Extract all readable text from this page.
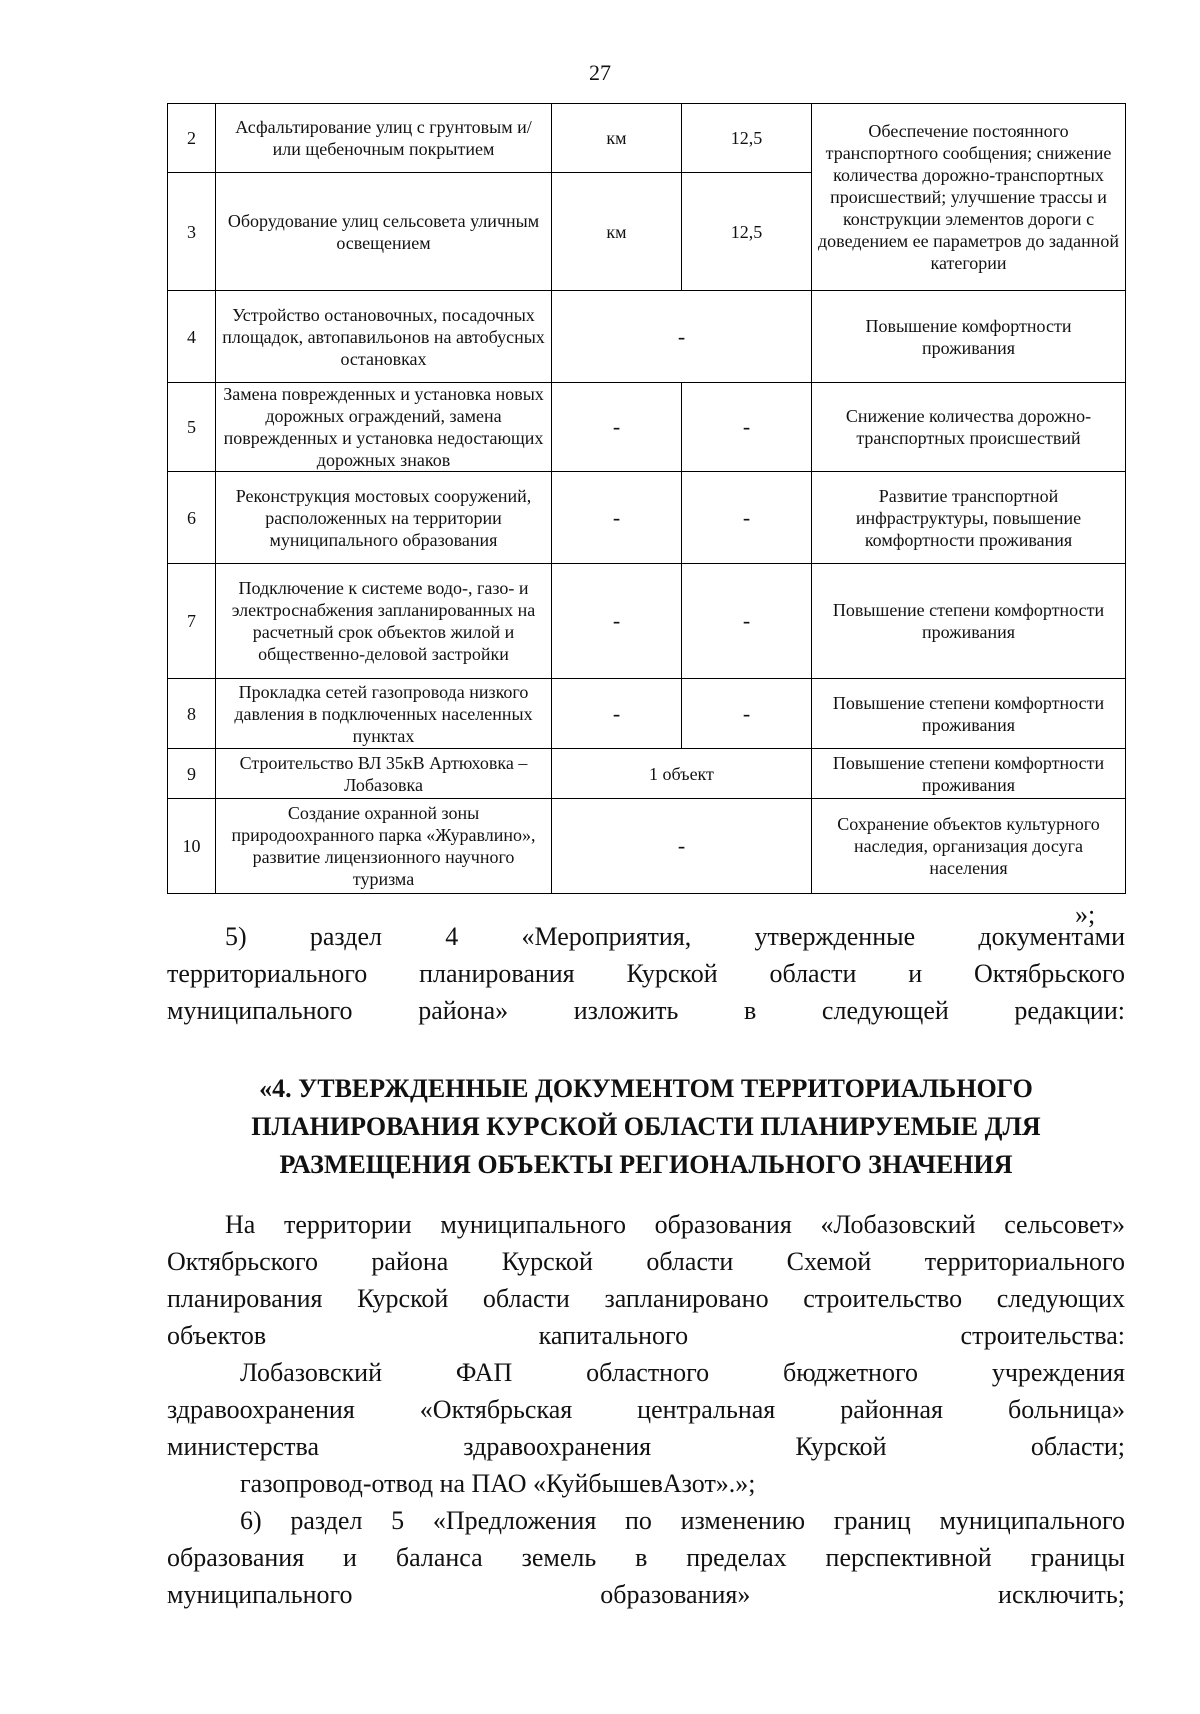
27
2	Асфальтирование улиц с грунтовым и/или щебеночным покрытием	км	12,5	Обеспечение постоянного транспортного сообщения; снижение количества дорожно-транспортных происшествий; улучшение трассы и конструкции элементов дороги с доведением ее параметров до заданной категории
3	Оборудование улиц сельсовета уличным освещением	км	12,5	
4	Устройство остановочных, посадочных площадок, автопавильонов на автобусных остановках	-		Повышение комфортности проживания
5	Замена поврежденных и установка новых дорожных ограждений, замена поврежденных и установка недостающих дорожных знаков	-	-	Снижение количества дорожно-транспортных происшествий
6	Реконструкция мостовых сооружений, расположенных на территории муниципального образования	-	-	Развитие транспортной инфраструктуры, повышение комфортности проживания
7	Подключение к системе водо-, газо- и электроснабжения запланированных на расчетный срок объектов жилой и общественно-деловой застройки	-	-	Повышение степени комфортности проживания
8	Прокладка сетей газопровода низкого давления в подключенных населенных пунктах	-	-	Повышение степени комфортности проживания
9	Строительство ВЛ 35кВ Артюховка – Лобазовка	1 объект		Повышение степени комфортности проживания
10	Создание охранной зоны природоохранного парка «Журавлино», развитие лицензионного научного туризма	-		Сохранение объектов культурного наследия, организация досуга населения
»;
5) раздел 4 «Мероприятия, утвержденные документами
территориального планирования Курской области и Октябрьского
муниципального района» изложить в следующей редакции:
«4. УТВЕРЖДЕННЫЕ ДОКУМЕНТОМ ТЕРРИТОРИАЛЬНОГО
ПЛАНИРОВАНИЯ КУРСКОЙ ОБЛАСТИ ПЛАНИРУЕМЫЕ ДЛЯ
РАЗМЕЩЕНИЯ ОБЪЕКТЫ РЕГИОНАЛЬНОГО ЗНАЧЕНИЯ
На территории муниципального образования «Лобазовский сельсовет»
Октябрьского района Курской области Схемой территориального
планирования Курской области запланировано строительство следующих
объектов капитального строительства:
Лобазовский ФАП областного бюджетного учреждения
здравоохранения «Октябрьская центральная районная больница»
министерства здравоохранения Курской области;
газопровод-отвод на ПАО «КуйбышевАзот».»;
6) раздел 5 «Предложения по изменению границ муниципального
образования и баланса земель в пределах перспективной границы
муниципального образования» исключить;
